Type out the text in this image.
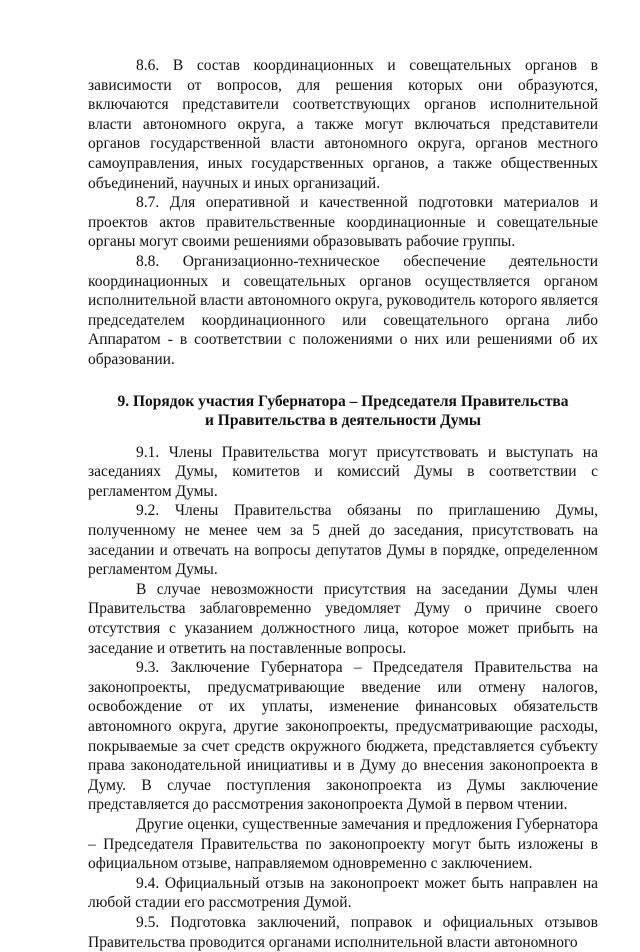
8.6. В состав координационных и совещательных органов в зависимости от вопросов, для решения которых они образуются, включаются представители соответствующих органов исполнительной власти автономного округа, а также могут включаться представители органов государственной власти автономного округа, органов местного самоуправления, иных государственных органов, а также общественных объединений, научных и иных организаций.

8.7. Для оперативной и качественной подготовки материалов и проектов актов правительственные координационные и совещательные органы могут своими решениями образовывать рабочие группы.

8.8. Организационно-техническое обеспечение деятельности координационных и совещательных органов осуществляется органом исполнительной власти автономного округа, руководитель которого является председателем координационного или совещательного органа либо Аппаратом - в соответствии с положениями о них или решениями об их образовании.

9. Порядок участия Губернатора – Председателя Правительства
и Правительства в деятельности Думы

9.1. Члены Правительства могут присутствовать и выступать на заседаниях Думы, комитетов и комиссий Думы в соответствии с регламентом Думы.

9.2. Члены Правительства обязаны по приглашению Думы, полученному не менее чем за 5 дней до заседания, присутствовать на заседании и отвечать на вопросы депутатов Думы в порядке, определенном регламентом Думы.

В случае невозможности присутствия на заседании Думы член Правительства заблаговременно уведомляет Думу о причине своего отсутствия с указанием должностного лица, которое может прибыть на заседание и ответить на поставленные вопросы.

9.3. Заключение Губернатора – Председателя Правительства на законопроекты, предусматривающие введение или отмену налогов, освобождение от их уплаты, изменение финансовых обязательств автономного округа, другие законопроекты, предусматривающие расходы, покрываемые за счет средств окружного бюджета, представляется субъекту права законодательной инициативы и в Думу до внесения законопроекта в Думу. В случае поступления законопроекта из Думы заключение представляется до рассмотрения законопроекта Думой в первом чтении.

Другие оценки, существенные замечания и предложения Губернатора – Председателя Правительства по законопроекту могут быть изложены в официальном отзыве, направляемом одновременно с заключением.

9.4. Официальный отзыв на законопроект может быть направлен на любой стадии его рассмотрения Думой.

9.5. Подготовка заключений, поправок и официальных отзывов Правительства проводится органами исполнительной власти автономного
